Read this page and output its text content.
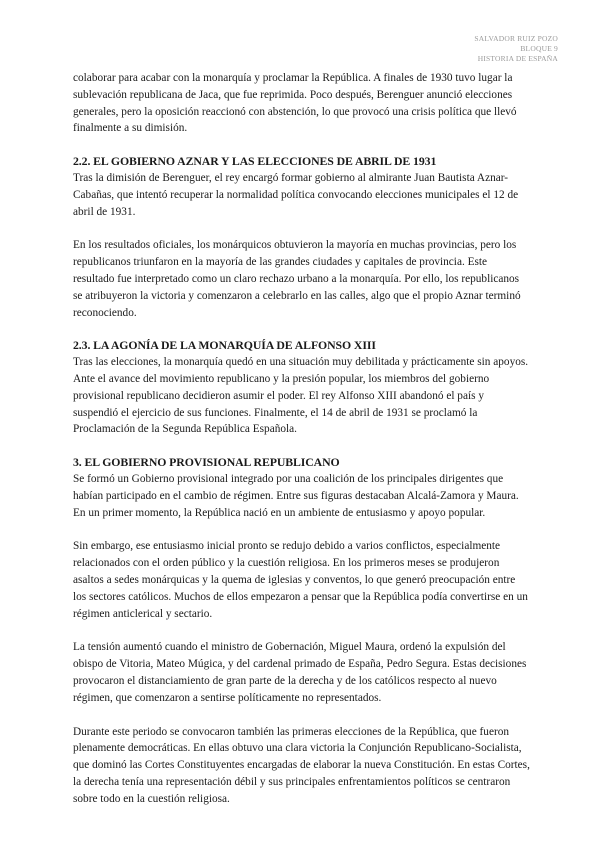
SALVADOR RUIZ POZO
BLOQUE 9
HISTORIA DE ESPAÑA

colaborar para acabar con la monarquía y proclamar la República. A finales de 1930 tuvo lugar la sublevación republicana de Jaca, que fue reprimida. Poco después, Berenguer anunció elecciones generales, pero la oposición reaccionó con abstención, lo que provocó una crisis política que llevó finalmente a su dimisión.

2.2. EL GOBIERNO AZNAR Y LAS ELECCIONES DE ABRIL DE 1931

Tras la dimisión de Berenguer, el rey encargó formar gobierno al almirante Juan Bautista Aznar-Cabañas, que intentó recuperar la normalidad política convocando elecciones municipales el 12 de abril de 1931.

En los resultados oficiales, los monárquicos obtuvieron la mayoría en muchas provincias, pero los republicanos triunfaron en la mayoría de las grandes ciudades y capitales de provincia. Este resultado fue interpretado como un claro rechazo urbano a la monarquía. Por ello, los republicanos se atribuyeron la victoria y comenzaron a celebrarlo en las calles, algo que el propio Aznar terminó reconociendo.

2.3. LA AGONÍA DE LA MONARQUÍA DE ALFONSO XIII

Tras las elecciones, la monarquía quedó en una situación muy debilitada y prácticamente sin apoyos. Ante el avance del movimiento republicano y la presión popular, los miembros del gobierno provisional republicano decidieron asumir el poder. El rey Alfonso XIII abandonó el país y suspendió el ejercicio de sus funciones. Finalmente, el 14 de abril de 1931 se proclamó la Proclamación de la Segunda República Española.

3. EL GOBIERNO PROVISIONAL REPUBLICANO

Se formó un Gobierno provisional integrado por una coalición de los principales dirigentes que habían participado en el cambio de régimen. Entre sus figuras destacaban Alcalá-Zamora y Maura. En un primer momento, la República nació en un ambiente de entusiasmo y apoyo popular.

Sin embargo, ese entusiasmo inicial pronto se redujo debido a varios conflictos, especialmente relacionados con el orden público y la cuestión religiosa. En los primeros meses se produjeron asaltos a sedes monárquicas y la quema de iglesias y conventos, lo que generó preocupación entre los sectores católicos. Muchos de ellos empezaron a pensar que la República podía convertirse en un régimen anticlerical y sectario.

La tensión aumentó cuando el ministro de Gobernación, Miguel Maura, ordenó la expulsión del obispo de Vitoria, Mateo Múgica, y del cardenal primado de España, Pedro Segura. Estas decisiones provocaron el distanciamiento de gran parte de la derecha y de los católicos respecto al nuevo régimen, que comenzaron a sentirse políticamente no representados.

Durante este periodo se convocaron también las primeras elecciones de la República, que fueron plenamente democráticas. En ellas obtuvo una clara victoria la Conjunción Republicano-Socialista, que dominó las Cortes Constituyentes encargadas de elaborar la nueva Constitución. En estas Cortes, la derecha tenía una representación débil y sus principales enfrentamientos políticos se centraron sobre todo en la cuestión religiosa.
